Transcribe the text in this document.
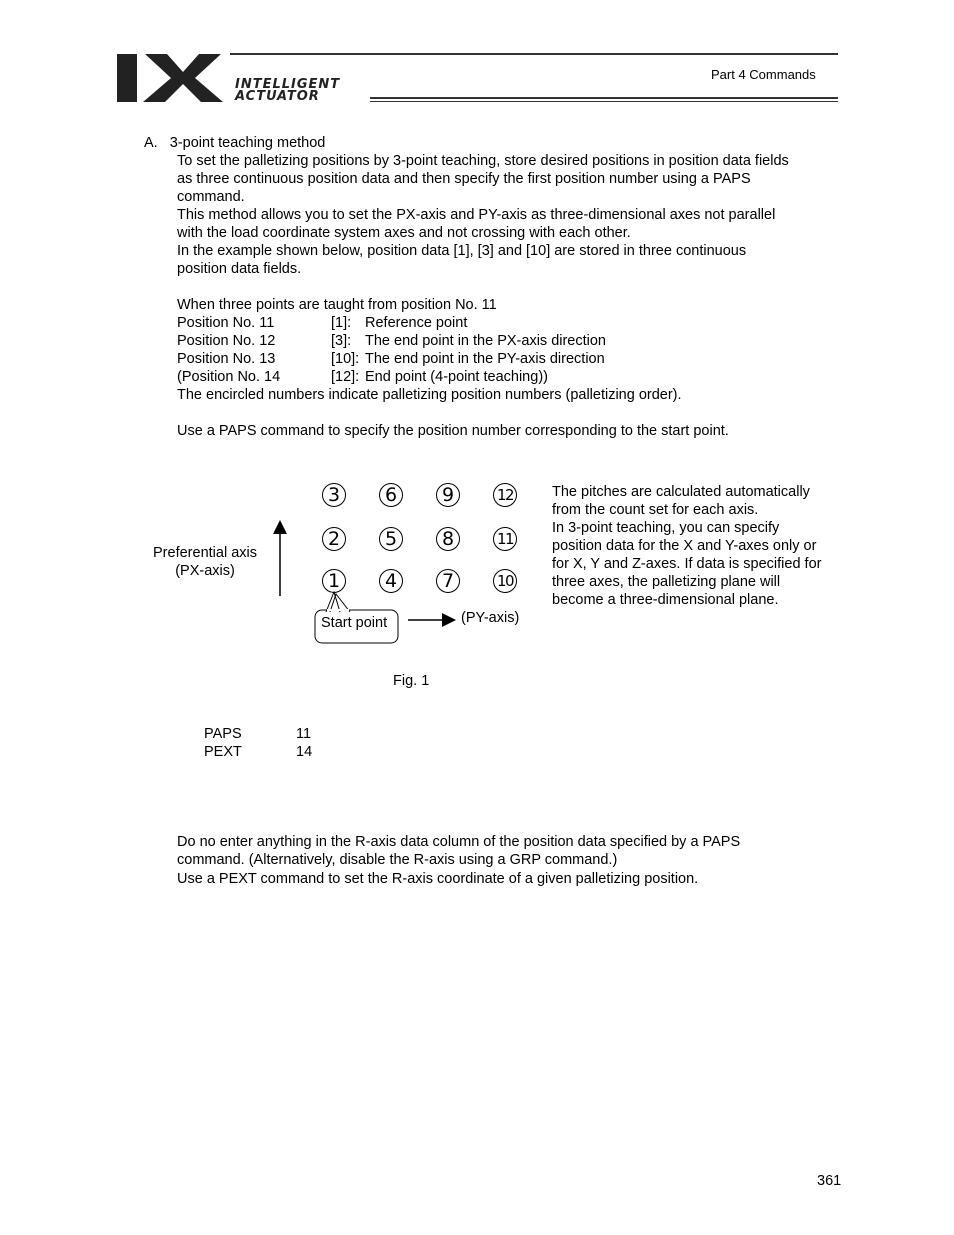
INTELLIGENT
ACTUATOR
Part 4 Commands
A.   3-point teaching method
To set the palletizing positions by 3-point teaching, store desired positions in position data fields
as three continuous position data and then specify the first position number using a PAPS
command.
This method allows you to set the PX-axis and PY-axis as three-dimensional axes not parallel
with the load coordinate system axes and not crossing with each other.
In the example shown below, position data [1], [3] and [10] are stored in three continuous
position data fields.
When three points are taught from position No. 11
Position No. 11	[1]: Reference point
Position No. 12	[3]: The end point in the PX-axis direction
Position No. 13	[10]: The end point in the PY-axis direction
(Position No. 14	[12]: End point (4-point teaching))
The encircled numbers indicate palletizing position numbers (palletizing order).
Use a PAPS command to specify the position number corresponding to the start point.
3	6	9	12
2	5	8	11
1	4	7	10
Preferential axis
(PX-axis)
Start point	(PY-axis)
The pitches are calculated automatically
from the count set for each axis.
In 3-point teaching, you can specify
position data for the X and Y-axes only or
for X, Y and Z-axes. If data is specified for
three axes, the palletizing plane will
become a three-dimensional plane.
Fig. 1
PAPS	11
PEXT	14
Do no enter anything in the R-axis data column of the position data specified by a PAPS
command. (Alternatively, disable the R-axis using a GRP command.)
Use a PEXT command to set the R-axis coordinate of a given palletizing position.
361
